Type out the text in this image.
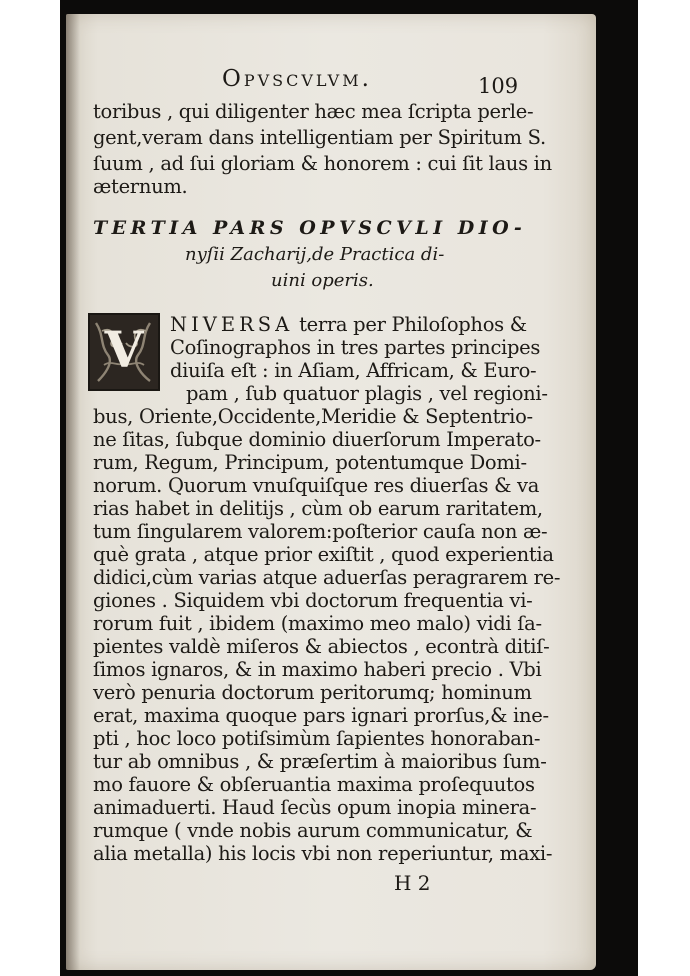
Opvscvlvm.	109
toribus , qui diligenter hæc mea ſcripta perle-
gent,veram dans intelligentiam per Spiritum S.
ſuum , ad ſui gloriam & honorem : cui ſit laus in
æternum.
TERTIA PARS OPVSCVLI DIO-
nyſii Zacharij,de Practica di-
uini operis.
V NIVERSA terra per Philoſophos &
Coſinographos in tres partes principes
diuiſa eſt : in Aſiam, Affricam, & Euro-
pam , ſub quatuor plagis , vel regioni-
bus, Oriente,Occidente,Meridie & Septentrio-
ne ſitas, ſubque dominio diuerſorum Imperato-
rum, Regum, Principum, potentumque Domi-
norum. Quorum vnuſquiſque res diuerſas & va
rias habet in delitijs , cùm ob earum raritatem,
tum ſingularem valorem:poſterior cauſa non æ-
què grata , atque prior exiſtit , quod experientia
didici,cùm varias atque aduerſas peragrarem re-
giones . Siquidem vbi doctorum frequentia vi-
rorum fuit , ibidem (maximo meo malo) vidi ſa-
pientes valdè miſeros & abiectos , econtrà ditiſ-
ſimos ignaros, & in maximo haberi precio . Vbi
verò penuria doctorum peritorumq; hominum
erat, maxima quoque pars ignari prorſus,& ine-
pti , hoc loco potiſsimùm ſapientes honoraban-
tur ab omnibus , & præſertim à maioribus ſum-
mo fauore & obſeruantia maxima proſequutos
animaduerti. Haud ſecùs opum inopia minera-
rumque ( vnde nobis aurum communicatur, &
alia metalla) his locis vbi non reperiuntur, maxi-
H 2
